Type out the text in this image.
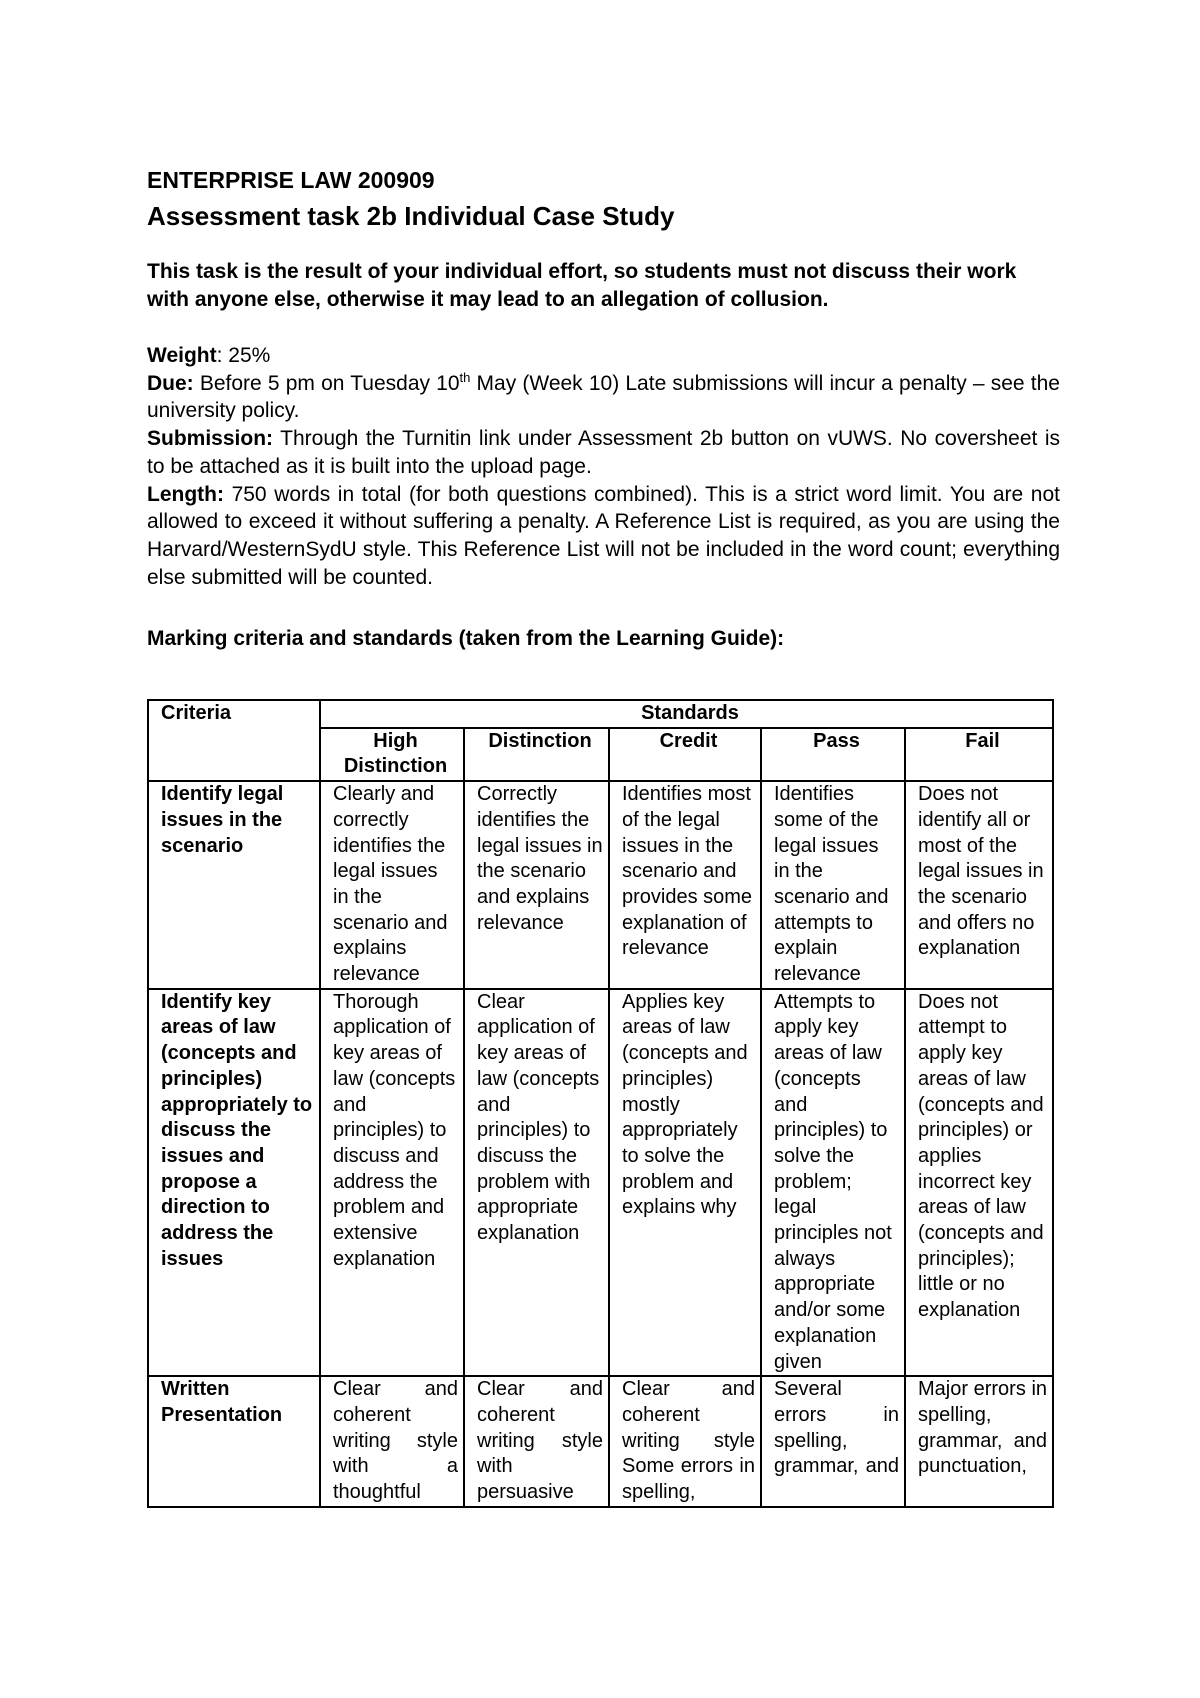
ENTERPRISE LAW 200909
Assessment task 2b Individual Case Study
This task is the result of your individual effort, so students must not discuss their work with anyone else, otherwise it may lead to an allegation of collusion.

Weight: 25%

Due: Before 5 pm on Tuesday 10th May (Week 10) Late submissions will incur a penalty – see the university policy.

Submission: Through the Turnitin link under Assessment 2b button on vUWS. No coversheet is to be attached as it is built into the upload page.

Length: 750 words in total (for both questions combined). This is a strict word limit. You are not allowed to exceed it without suffering a penalty. A Reference List is required, as you are using the Harvard/WesternSydU style. This Reference List will not be included in the word count; everything else submitted will be counted.

Marking criteria and standards (taken from the Learning Guide):
Criteria	Standards				
	High Distinction	Distinction	Credit	Pass	Fail
Identify legal issues in the scenario	Clearly and correctly identifies the legal issues in the scenario and explains relevance	Correctly identifies the legal issues in the scenario and explains relevance	Identifies most of the legal issues in the scenario and provides some explanation of relevance	Identifies some of the legal issues in the scenario and attempts to explain relevance	Does not identify all or most of the legal issues in the scenario and offers no explanation
Identify key areas of law (concepts and principles) appropriately to discuss the issues and propose a direction to address the issues	Thorough application of key areas of law (concepts and principles) to discuss and address the problem and extensive explanation	Clear application of key areas of law (concepts and principles) to discuss the problem with appropriate explanation	Applies key areas of law (concepts and principles) mostly appropriately to solve the problem and explains why	Attempts to apply key areas of law (concepts and principles) to solve the problem; legal principles not always appropriate and/or some explanation given	Does not attempt to apply key areas of law (concepts and principles) or applies incorrect key areas of law (concepts and principles); little or no explanation
Written Presentation	Clear and coherent writing style with a thoughtful	Clear and coherent writing style with persuasive	Clear and coherent writing style Some errors in spelling,	Several errors in spelling, grammar, and	Major errors in spelling, grammar, and punctuation,
